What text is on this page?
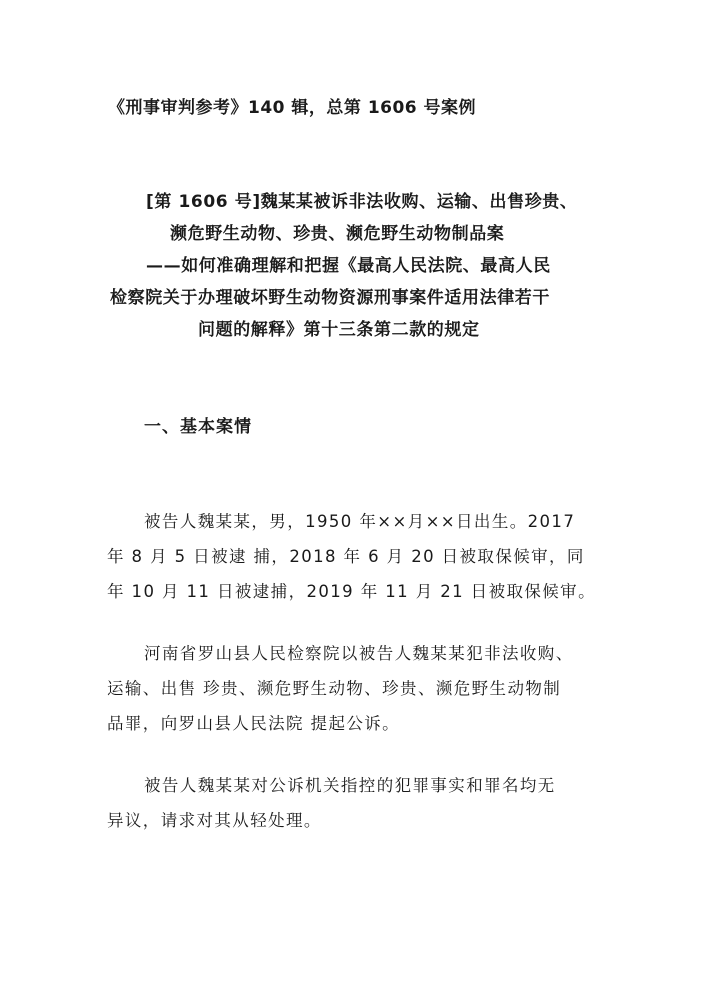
《刑事审判参考》140 辑，总第 1606 号案例
[第 1606 号]魏某某被诉非法收购、运输、出售珍贵、
濒危野生动物、珍贵、濒危野生动物制品案
——如何准确理解和把握《最高人民法院、最高人民
检察院关于办理破坏野生动物资源刑事案件适用法律若干
问题的解释》第十三条第二款的规定
一、基本案情
被告人魏某某，男，1950 年××月××日出生。2017
年 8 月 5 日被逮 捕，2018 年 6 月 20 日被取保候审，同
年 10 月 11 日被逮捕，2019 年 11 月 21 日被取保候审。
河南省罗山县人民检察院以被告人魏某某犯非法收购、
运输、出售 珍贵、濒危野生动物、珍贵、濒危野生动物制
品罪，向罗山县人民法院 提起公诉。
被告人魏某某对公诉机关指控的犯罪事实和罪名均无
异议，请求对其从轻处理。
